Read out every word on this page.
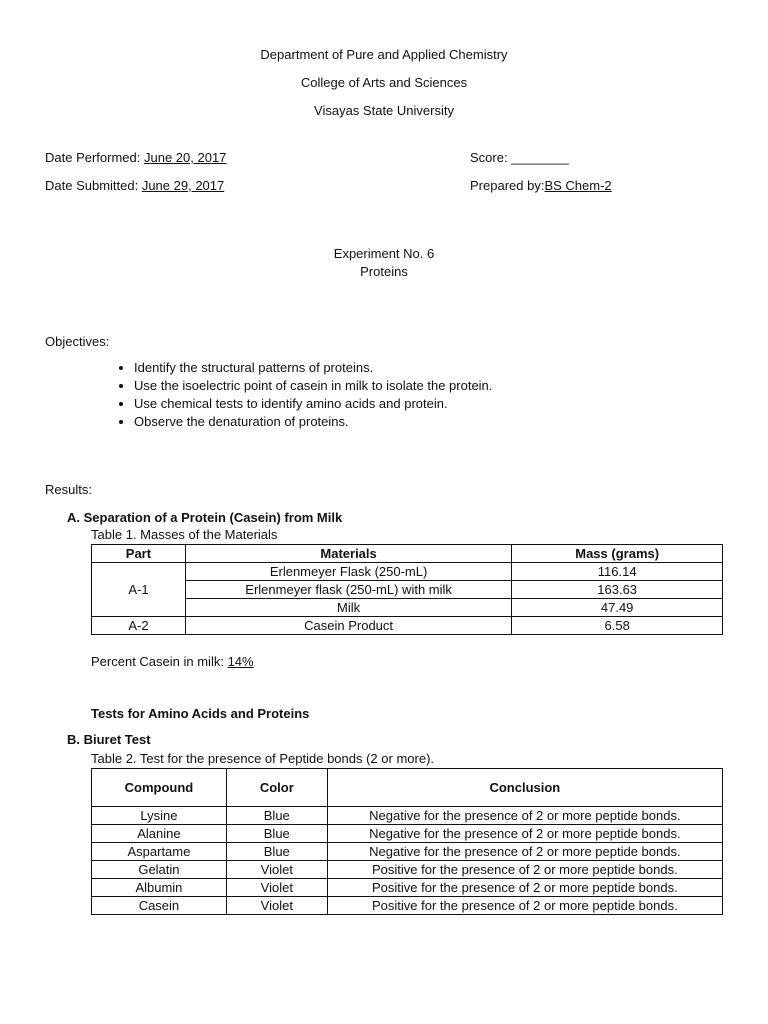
Department of Pure and Applied Chemistry
College of Arts and Sciences
Visayas State University
Date Performed: June 20, 2017	Score: ________
Date Submitted: June 29, 2017	Prepared by:BS Chem-2
Experiment No. 6
Proteins
Objectives:
• Identify the structural patterns of proteins.
• Use the isoelectric point of casein in milk to isolate the protein.
• Use chemical tests to identify amino acids and protein.
• Observe the denaturation of proteins.
Results:
A. Separation of a Protein (Casein) from Milk
Table 1. Masses of the Materials
Part	Materials	Mass (grams)
A-1	Erlenmeyer Flask (250-mL)	116.14
	Erlenmeyer flask (250-mL) with milk	163.63
	Milk	47.49
A-2	Casein Product	6.58
Percent Casein in milk: 14%
Tests for Amino Acids and Proteins
B. Biuret Test
Table 2. Test for the presence of Peptide bonds (2 or more).
Compound	Color	Conclusion
Lysine	Blue	Negative for the presence of 2 or more peptide bonds.
Alanine	Blue	Negative for the presence of 2 or more peptide bonds.
Aspartame	Blue	Negative for the presence of 2 or more peptide bonds.
Gelatin	Violet	Positive for the presence of 2 or more peptide bonds.
Albumin	Violet	Positive for the presence of 2 or more peptide bonds.
Casein	Violet	Positive for the presence of 2 or more peptide bonds.
